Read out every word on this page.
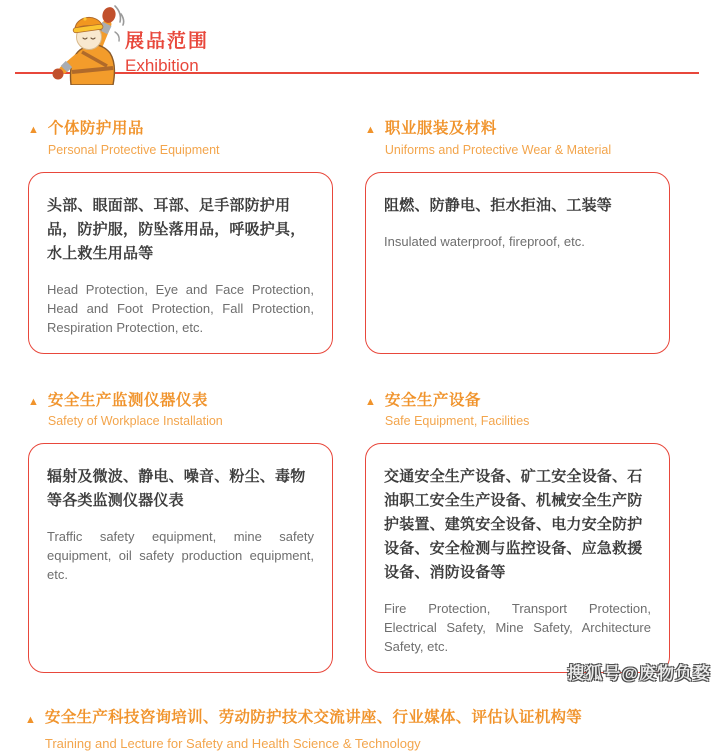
展品范围
Exhibition
▲ 个体防护用品
Personal Protective Equipment
头部、眼面部、耳部、足手部防护用品，防护服，防坠落用品，呼吸护具，水上救生用品等
Head Protection, Eye and Face Protection, Head and Foot Protection, Fall Protection, Respiration Protection, etc.
▲ 职业服装及材料
Uniforms and Protective Wear & Material
阻燃、防静电、拒水拒油、工装等
Insulated waterproof, fireproof, etc.
▲ 安全生产监测仪器仪表
Safety of Workplace Installation
辐射及微波、静电、噪音、粉尘、毒物等各类监测仪器仪表
Traffic safety equipment, mine safety equipment, oil safety production equipment, etc.
▲ 安全生产设备
Safe Equipment, Facilities
交通安全生产设备、矿工安全设备、石油职工安全生产设备、机械安全生产防护装置、建筑安全设备、电力安全防护设备、安全检测与监控设备、应急救援设备、消防设备等
Fire Protection, Transport Protection, Electrical Safety, Mine Safety, Architecture Safety, etc.
▲ 安全生产科技咨询培训、劳动防护技术交流讲座、行业媒体、评估认证机构等
Training and Lecture for Safety and Health Science & Technology
搜狐号@废物负婺
